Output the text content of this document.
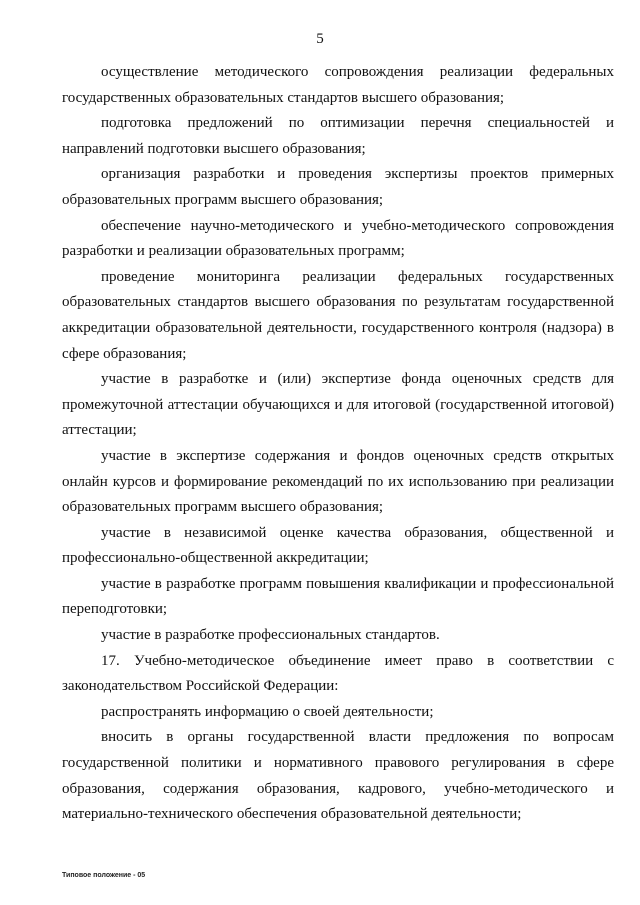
5

осуществление методического сопровождения реализации федеральных государственных образовательных стандартов высшего образования;

подготовка предложений по оптимизации перечня специальностей и направлений подготовки высшего образования;

организация разработки и проведения экспертизы проектов примерных образовательных программ высшего образования;

обеспечение научно-методического и учебно-методического сопровождения разработки и реализации образовательных программ;

проведение мониторинга реализации федеральных государственных образовательных стандартов высшего образования по результатам государственной аккредитации образовательной деятельности, государственного контроля (надзора) в сфере образования;

участие в разработке и (или) экспертизе фонда оценочных средств для промежуточной аттестации обучающихся и для итоговой (государственной итоговой) аттестации;

участие в экспертизе содержания и фондов оценочных средств открытых онлайн курсов и формирование рекомендаций по их использованию при реализации образовательных программ высшего образования;

участие в независимой оценке качества образования, общественной и профессионально-общественной аккредитации;

участие в разработке программ повышения квалификации и профессиональной переподготовки;

участие в разработке профессиональных стандартов.

17. Учебно-методическое объединение имеет право в соответствии с законодательством Российской Федерации:

распространять информацию о своей деятельности;

вносить в органы государственной власти предложения по вопросам государственной политики и нормативного правового регулирования в сфере образования, содержания образования, кадрового, учебно-методического и материально-технического обеспечения образовательной деятельности;

Типовое положение - 05
